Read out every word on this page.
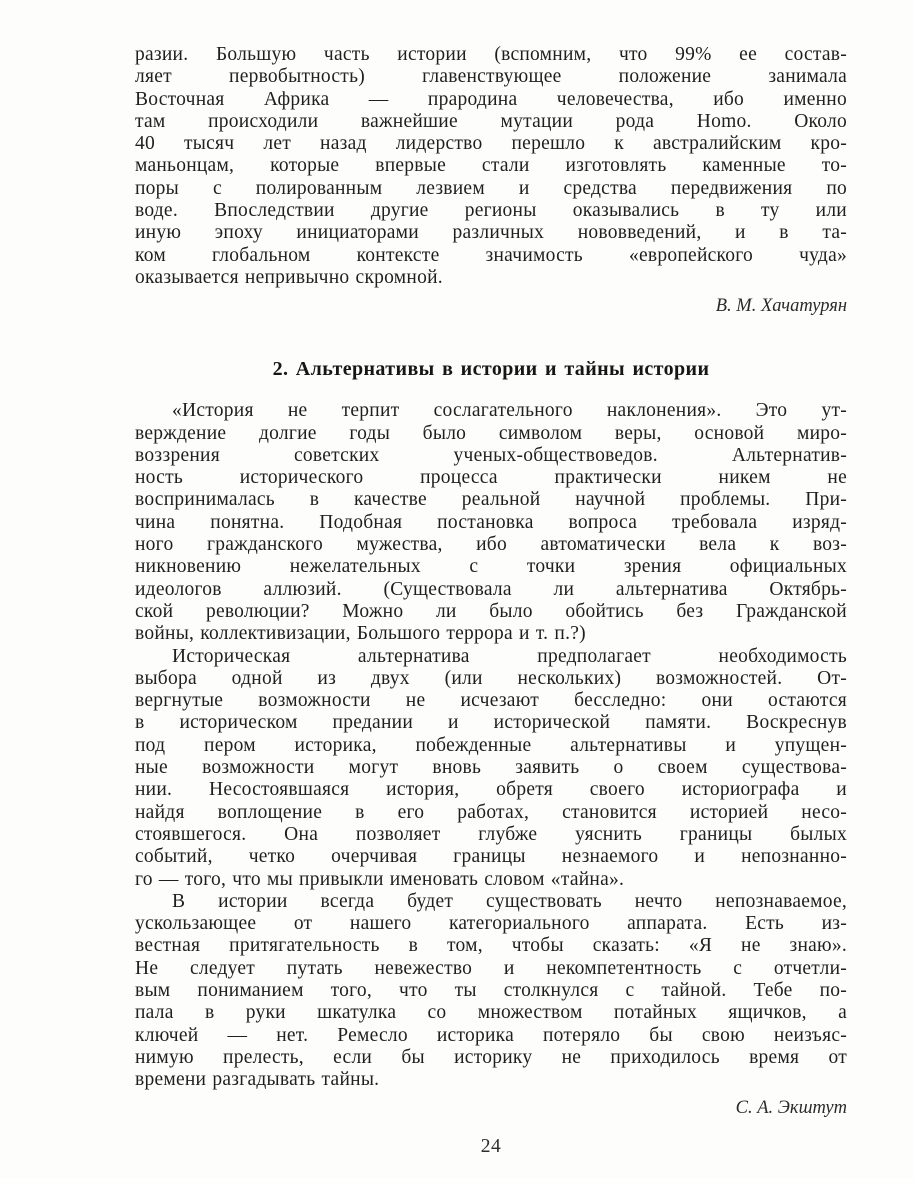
разии. Большую часть истории (вспомним, что 99% ее состав-
ляет первобытность) главенствующее положение занимала
Восточная Африка — прародина человечества, ибо именно
там происходили важнейшие мутации рода Homo. Около
40 тысяч лет назад лидерство перешло к австралийским кро-
маньонцам, которые впервые стали изготовлять каменные то-
поры с полированным лезвием и средства передвижения по
воде. Впоследствии другие регионы оказывались в ту или
иную эпоху инициаторами различных нововведений, и в та-
ком глобальном контексте значимость «европейского чуда»
оказывается непривычно скромной.
В. М. Хачатурян
2. Альтернативы в истории и тайны истории
«История не терпит сослагательного наклонения». Это ут-
верждение долгие годы было символом веры, основой миро-
воззрения советских ученых-обществоведов. Альтернатив-
ность исторического процесса практически никем не
воспринималась в качестве реальной научной проблемы. При-
чина понятна. Подобная постановка вопроса требовала изряд-
ного гражданского мужества, ибо автоматически вела к воз-
никновению нежелательных с точки зрения официальных
идеологов аллюзий. (Существовала ли альтернатива Октябрь-
ской революции? Можно ли было обойтись без Гражданской
войны, коллективизации, Большого террора и т. п.?)
Историческая альтернатива предполагает необходимость
выбора одной из двух (или нескольких) возможностей. От-
вергнутые возможности не исчезают бесследно: они остаются
в историческом предании и исторической памяти. Воскреснув
под пером историка, побежденные альтернативы и упущен-
ные возможности могут вновь заявить о своем существова-
нии. Несостоявшаяся история, обретя своего историографа и
найдя воплощение в его работах, становится историей несо-
стоявшегося. Она позволяет глубже уяснить границы былых
событий, четко очерчивая границы незнаемого и непознанно-
го — того, что мы привыкли именовать словом «тайна».
В истории всегда будет существовать нечто непознаваемое,
ускользающее от нашего категориального аппарата. Есть из-
вестная притягательность в том, чтобы сказать: «Я не знаю».
Не следует путать невежество и некомпетентность с отчетли-
вым пониманием того, что ты столкнулся с тайной. Тебе по-
пала в руки шкатулка со множеством потайных ящичков, а
ключей — нет. Ремесло историка потеряло бы свою неизъяс-
нимую прелесть, если бы историку не приходилось время от
времени разгадывать тайны.
С. А. Экштут
24
